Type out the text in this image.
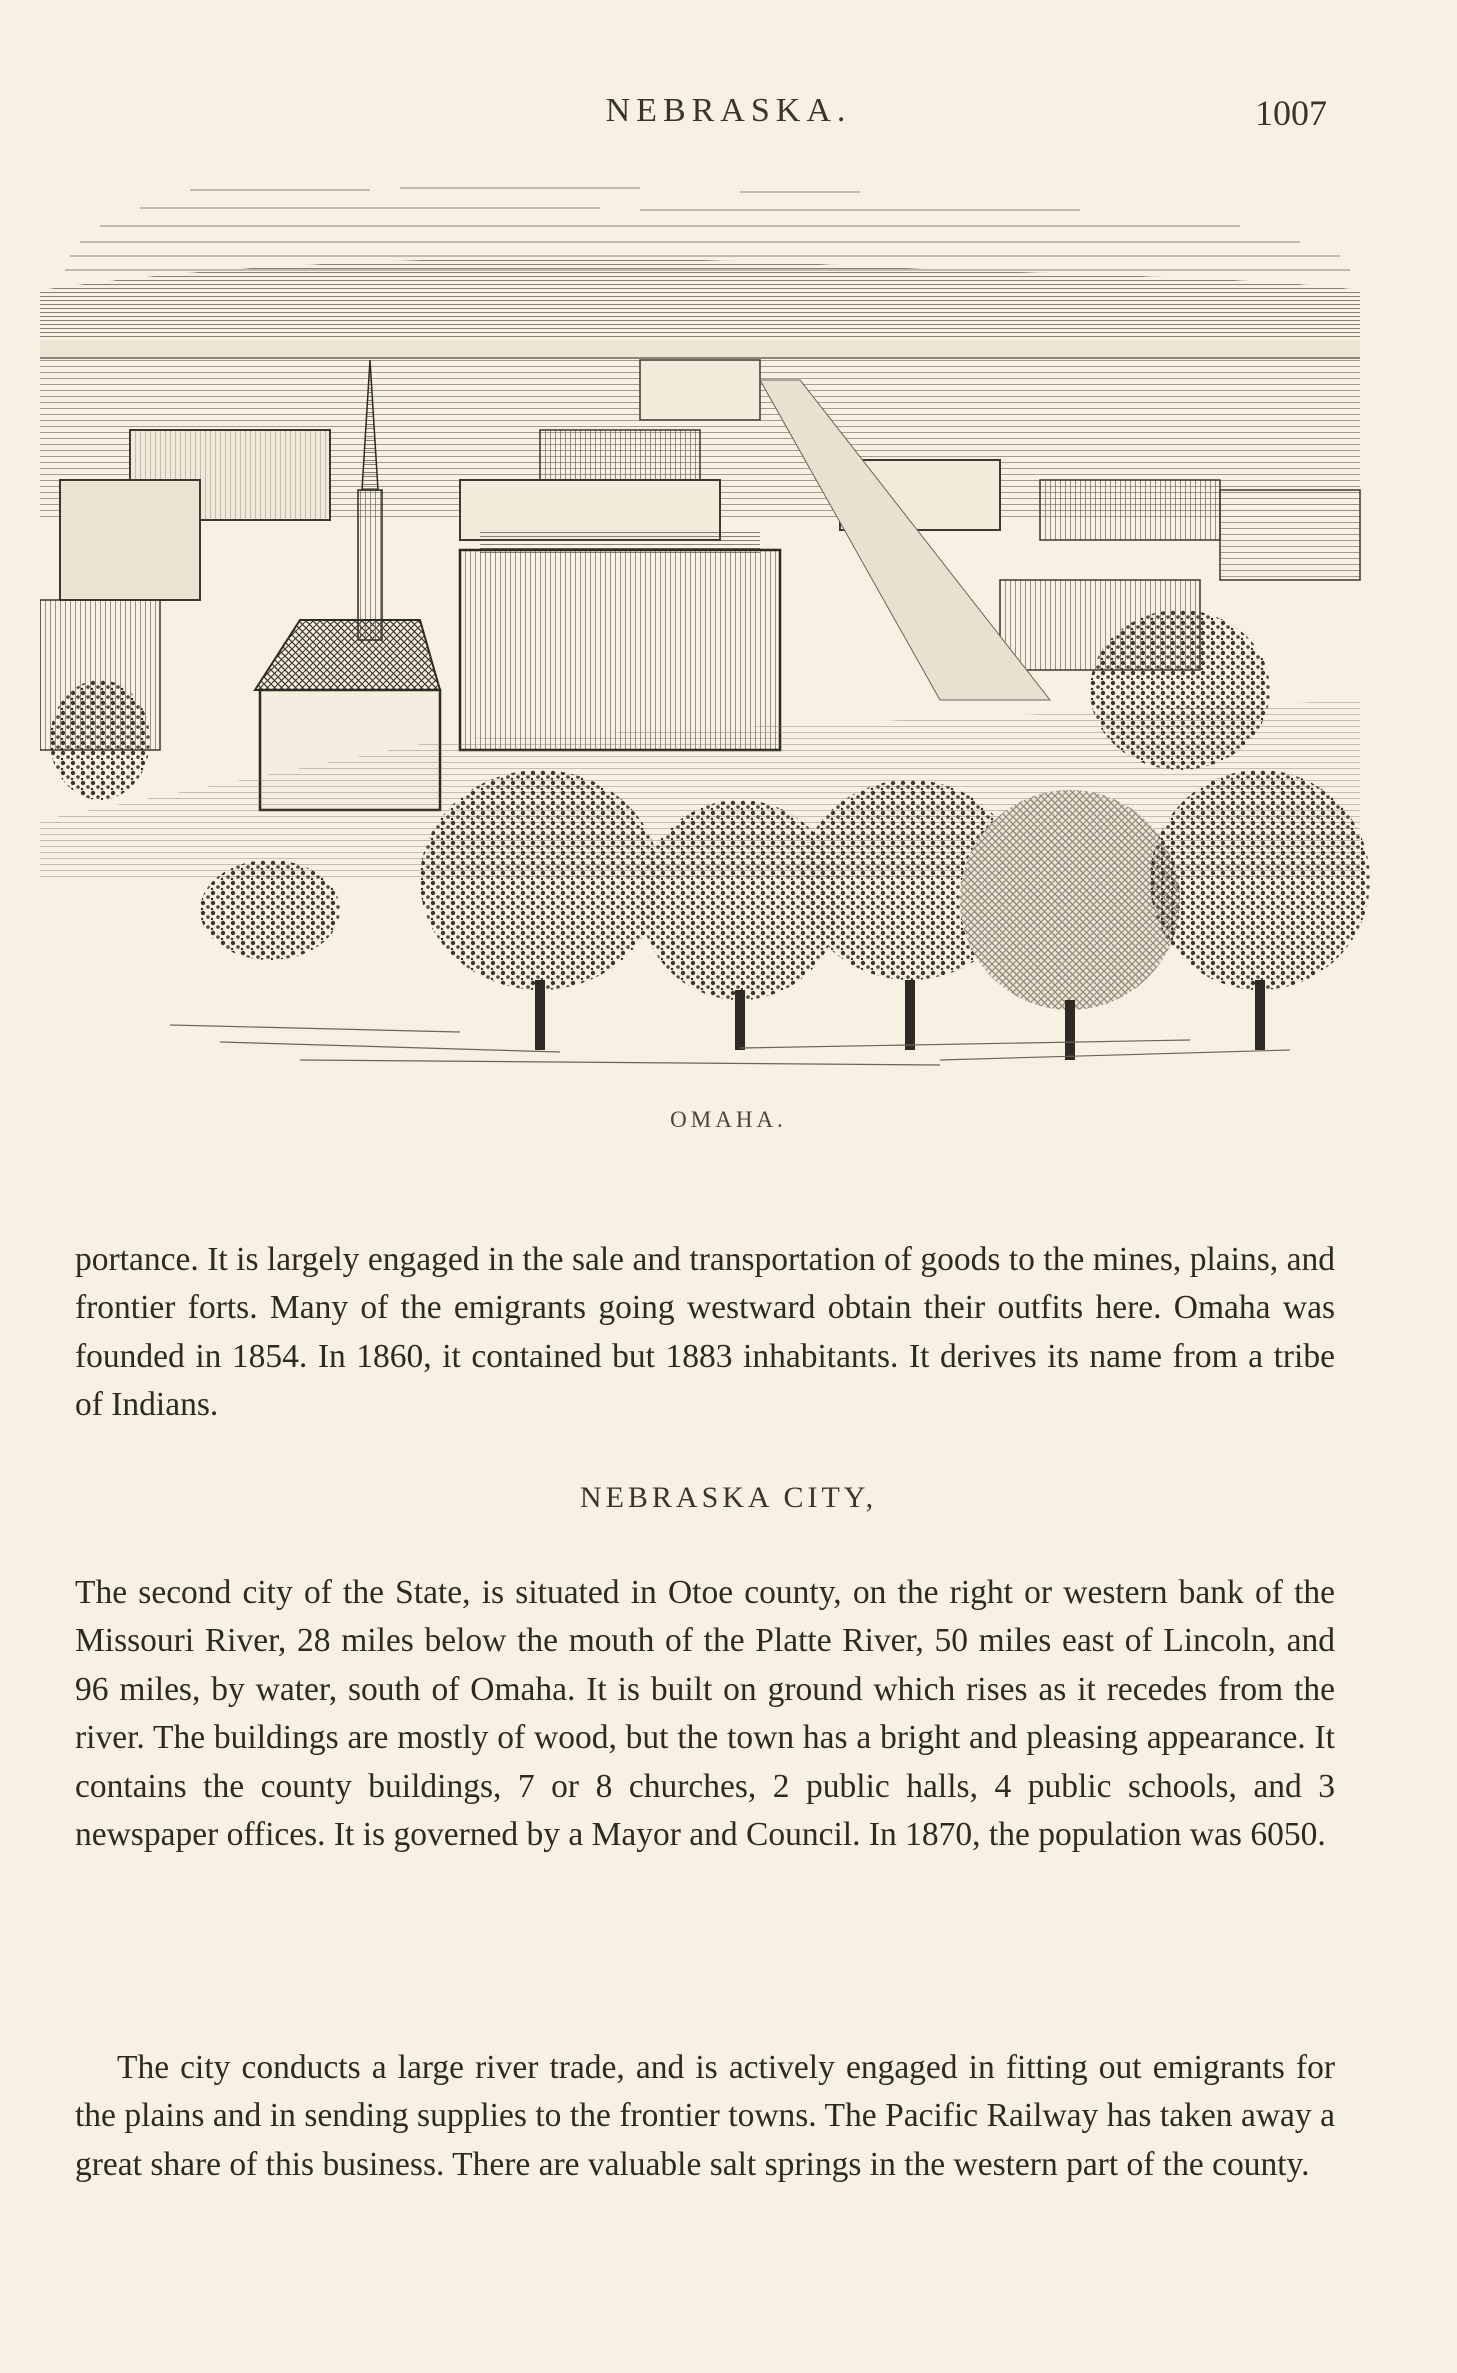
NEBRASKA.	1007
OMAHA.

portance. It is largely engaged in the sale and transportation of goods to the mines, plains, and frontier forts. Many of the emigrants going westward obtain their outfits here. Omaha was founded in 1854. In 1860, it contained but 1883 inhabitants. It derives its name from a tribe of Indians.

NEBRASKA CITY,

The second city of the State, is situated in Otoe county, on the right or western bank of the Missouri River, 28 miles below the mouth of the Platte River, 50 miles east of Lincoln, and 96 miles, by water, south of Omaha. It is built on ground which rises as it recedes from the river. The buildings are mostly of wood, but the town has a bright and pleasing appearance. It contains the county buildings, 7 or 8 churches, 2 public halls, 4 public schools, and 3 newspaper offices. It is governed by a Mayor and Council. In 1870, the population was 6050.

The city conducts a large river trade, and is actively engaged in fitting out emigrants for the plains and in sending supplies to the frontier towns. The Pacific Railway has taken away a great share of this business. There are valuable salt springs in the western part of the county.
